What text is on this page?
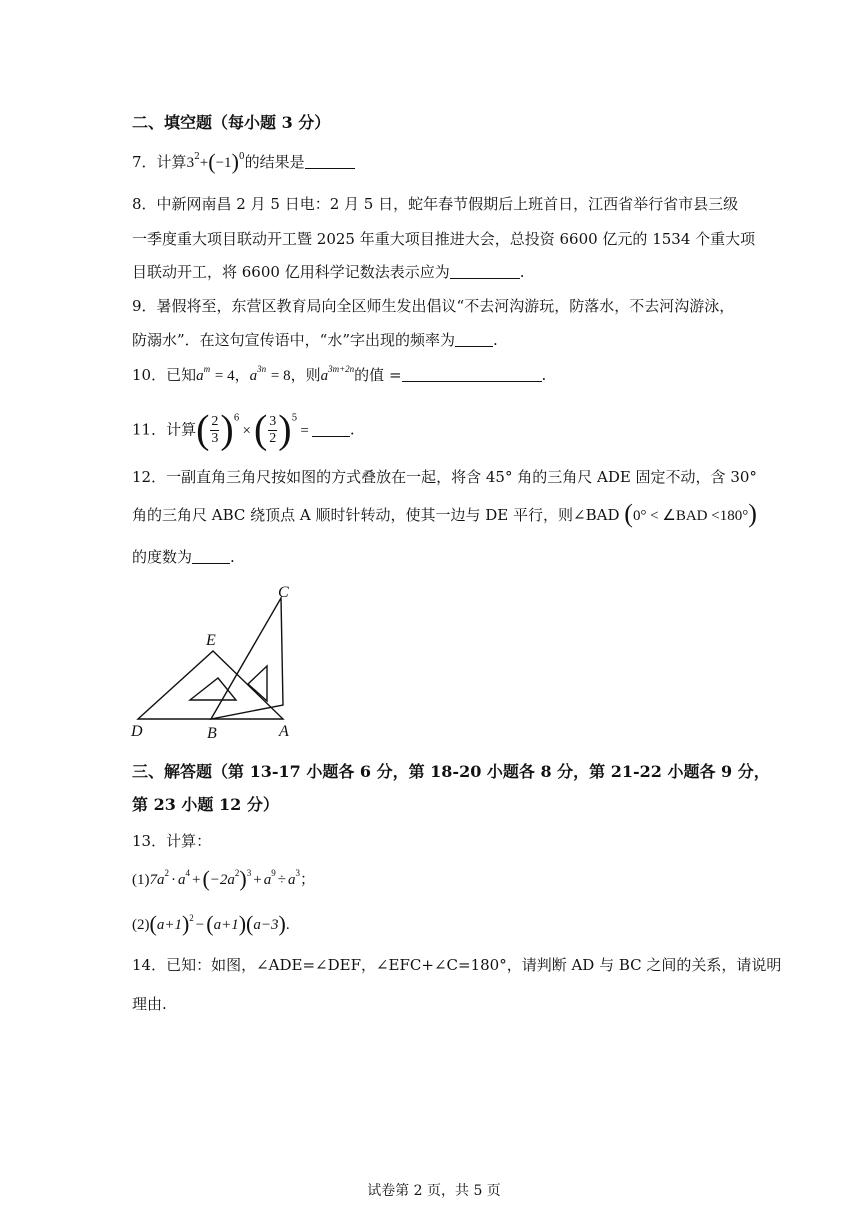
二、填空题（每小题 3 分）
7．计算$3^2+(-1)^0$的结果是
8．中新网南昌 2 月 5 日电：2 月 5 日，蛇年春节假期后上班首日，江西省举行省市县三级
一季度重大项目联动开工暨 2025 年重大项目推进大会，总投资 6600 亿元的 1534 个重大项
目联动开工，将 6600 亿用科学记数法表示应为	.
9．暑假将至，东营区教育局向全区师生发出倡议“不去河沟游玩，防落水，不去河沟游泳，
防溺水”．在这句宣传语中，“水”字出现的频率为	.
10．已知$a^m = 4$，$a^{3n} = 8$，则$a^{3m+2n}$的值 =	.
11．计算( $\frac{2}{3} )^6\times( \frac{3}{2} )^5=$	.
12．一副直角三角尺按如图的方式叠放在一起，将含 45° 角的三角尺 ADE 固定不动，含 30°
角的三角尺 ABC 绕顶点 A 顺时针转动，使其一边与 DE 平行，则∠BAD (0° < ∠BAD <180°)
的度数为	.
C
E
D	B	A
三、解答题（第 13-17 小题各 6 分，第 18-20 小题各 8 分，第 21-22 小题各 9 分，
第 23 小题 12 分）
13．计算：
$(1)7a^2 \cdot a^4 +(-2a^2)^3 + a^9 \div a^3$；
$(2)(a+1)^2 -(a+1)(a-3)$.
14．已知：如图，∠ADE=∠DEF，∠EFC+∠C=180°，请判断 AD 与 BC 之间的关系，请说明
理由.
试卷第 2 页，共 5 页
